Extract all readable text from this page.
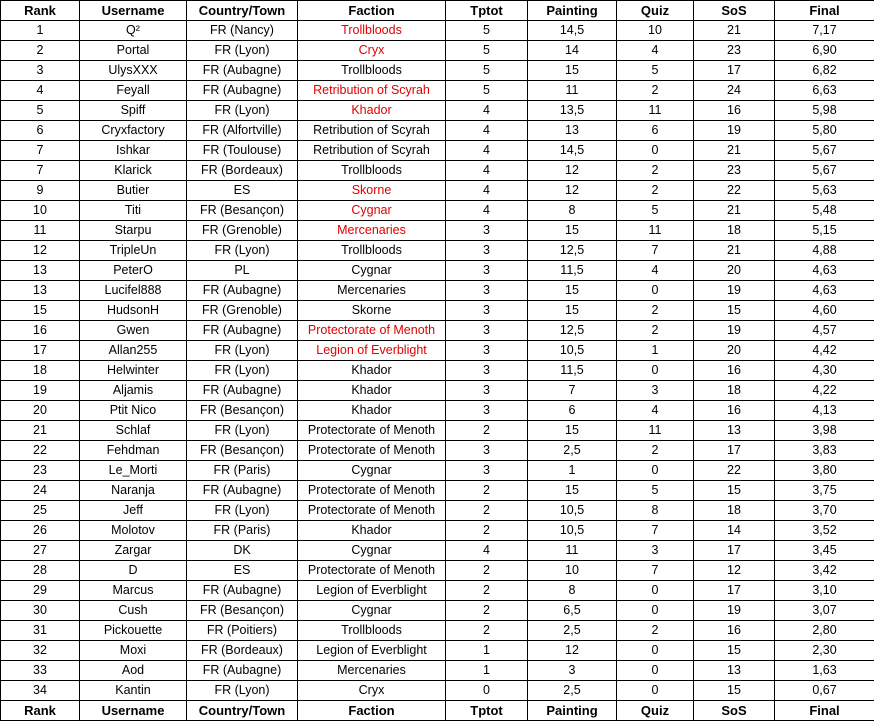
Rank	Username	Country/Town	Faction	Tptot	Painting	Quiz	SoS	Final
1	Q²	FR (Nancy)	Trollbloods	5	14,5	10	21	7,17
2	Portal	FR (Lyon)	Cryx	5	14	4	23	6,90
3	UlysXXX	FR (Aubagne)	Trollbloods	5	15	5	17	6,82
4	Feyall	FR (Aubagne)	Retribution of Scyrah	5	11	2	24	6,63
5	Spiff	FR (Lyon)	Khador	4	13,5	11	16	5,98
6	Cryxfactory	FR (Alfortville)	Retribution of Scyrah	4	13	6	19	5,80
7	Ishkar	FR (Toulouse)	Retribution of Scyrah	4	14,5	0	21	5,67
7	Klarick	FR (Bordeaux)	Trollbloods	4	12	2	23	5,67
9	Butier	ES	Skorne	4	12	2	22	5,63
10	Titi	FR (Besançon)	Cygnar	4	8	5	21	5,48
11	Starpu	FR (Grenoble)	Mercenaries	3	15	11	18	5,15
12	TripleUn	FR (Lyon)	Trollbloods	3	12,5	7	21	4,88
13	PeterO	PL	Cygnar	3	11,5	4	20	4,63
13	Lucifel888	FR (Aubagne)	Mercenaries	3	15	0	19	4,63
15	HudsonH	FR (Grenoble)	Skorne	3	15	2	15	4,60
16	Gwen	FR (Aubagne)	Protectorate of Menoth	3	12,5	2	19	4,57
17	Allan255	FR (Lyon)	Legion of Everblight	3	10,5	1	20	4,42
18	Helwinter	FR (Lyon)	Khador	3	11,5	0	16	4,30
19	Aljamis	FR (Aubagne)	Khador	3	7	3	18	4,22
20	Ptit Nico	FR (Besançon)	Khador	3	6	4	16	4,13
21	Schlaf	FR (Lyon)	Protectorate of Menoth	2	15	11	13	3,98
22	Fehdman	FR (Besançon)	Protectorate of Menoth	3	2,5	2	17	3,83
23	Le_Morti	FR (Paris)	Cygnar	3	1	0	22	3,80
24	Naranja	FR (Aubagne)	Protectorate of Menoth	2	15	5	15	3,75
25	Jeff	FR (Lyon)	Protectorate of Menoth	2	10,5	8	18	3,70
26	Molotov	FR (Paris)	Khador	2	10,5	7	14	3,52
27	Zargar	DK	Cygnar	4	11	3	17	3,45
28	D	ES	Protectorate of Menoth	2	10	7	12	3,42
29	Marcus	FR (Aubagne)	Legion of Everblight	2	8	0	17	3,10
30	Cush	FR (Besançon)	Cygnar	2	6,5	0	19	3,07
31	Pickouette	FR (Poitiers)	Trollbloods	2	2,5	2	16	2,80
32	Moxi	FR (Bordeaux)	Legion of Everblight	1	12	0	15	2,30
33	Aod	FR (Aubagne)	Mercenaries	1	3	0	13	1,63
34	Kantin	FR (Lyon)	Cryx	0	2,5	0	15	0,67
Rank	Username	Country/Town	Faction	Tptot	Painting	Quiz	SoS	Final
